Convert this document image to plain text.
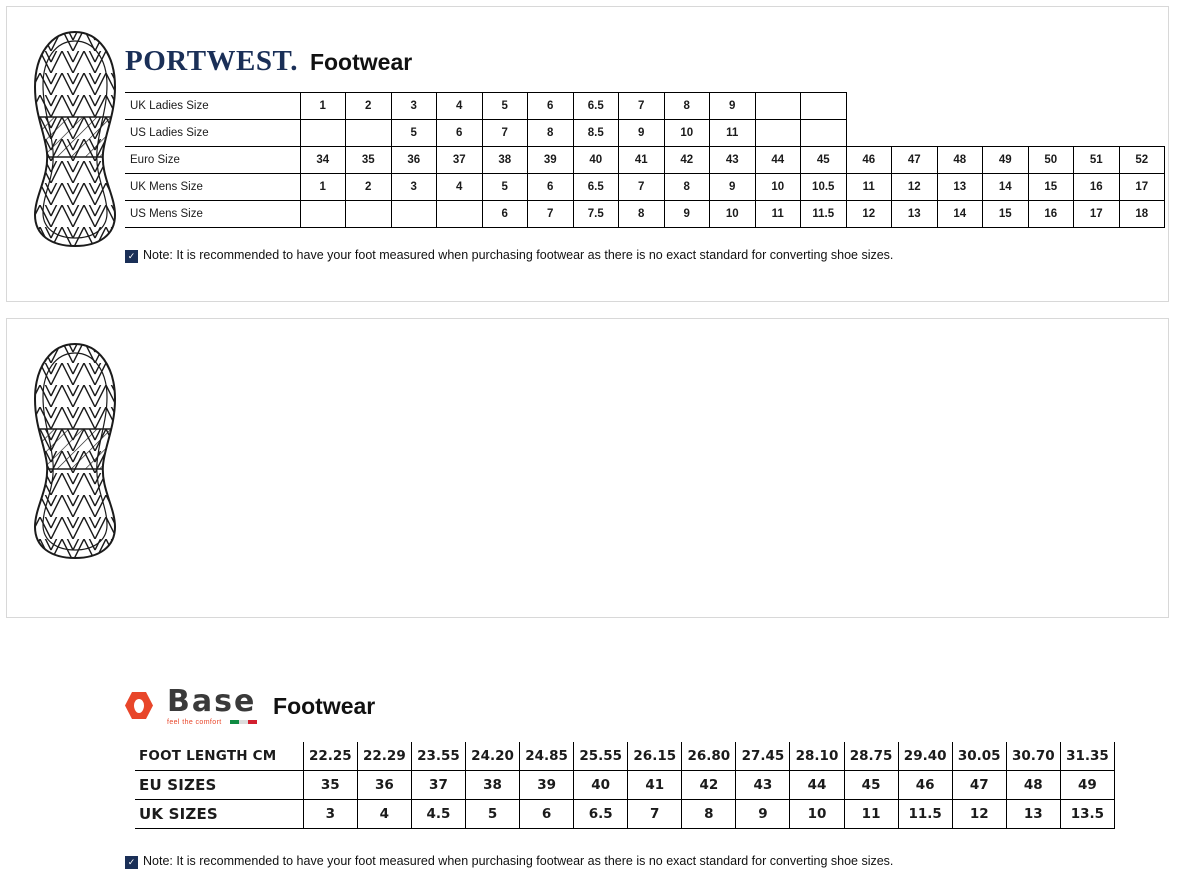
PORTWEST. Footwear
UK Ladies Size	1	2	3	4	5	6	6.5	7	8	9									
US Ladies Size			5	6	7	8	8.5	9	10	11									
Euro Size	34	35	36	37	38	39	40	41	42	43	44	45	46	47	48	49	50	51	52
UK Mens Size	1	2	3	4	5	6	6.5	7	8	9	10	10.5	11	12	13	14	15	16	17
US Mens Size					6	7	7.5	8	9	10	11	11.5	12	13	14	15	16	17	18
✓ Note: It is recommended to have your foot measured when purchasing footwear as there is no exact standard for converting shoe sizes.
Base
feel the comfort
Footwear
FOOT LENGTH CM	22.25	22.29	23.55	24.20	24.85	25.55	26.15	26.80	27.45	28.10	28.75	29.40	30.05	30.70	31.35
EU SIZES	35	36	37	38	39	40	41	42	43	44	45	46	47	48	49
UK SIZES	3	4	4.5	5	6	6.5	7	8	9	10	11	11.5	12	13	13.5
✓ Note: It is recommended to have your foot measured when purchasing footwear as there is no exact standard for converting shoe sizes.
